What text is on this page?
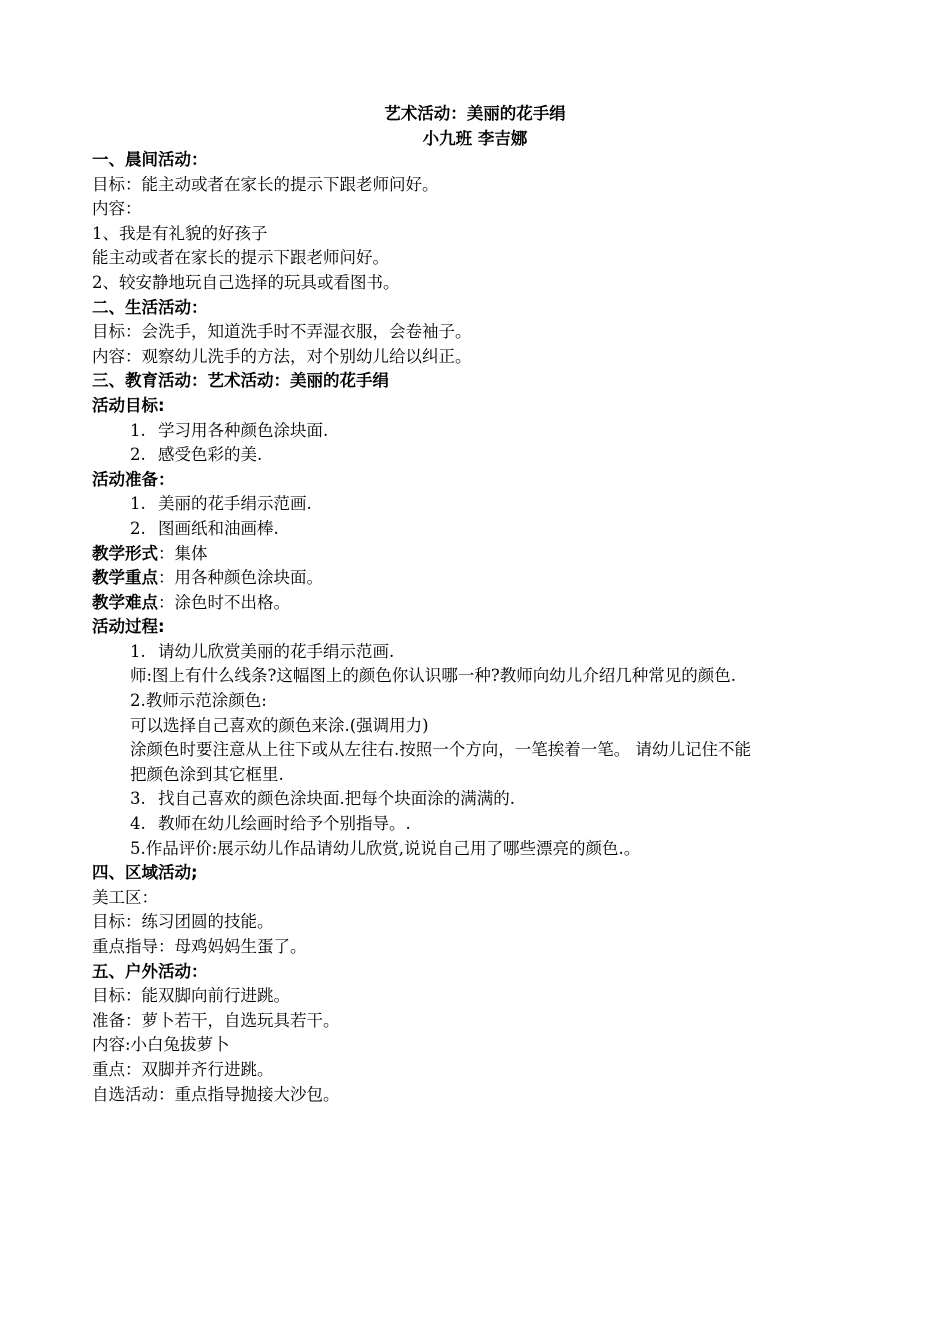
艺术活动：美丽的花手绢
小九班 李吉娜
一、晨间活动：
目标：能主动或者在家长的提示下跟老师问好。
内容：
1、我是有礼貌的好孩子
能主动或者在家长的提示下跟老师问好。
2、较安静地玩自己选择的玩具或看图书。
二、生活活动：
目标：会洗手，知道洗手时不弄湿衣服，会卷袖子。
内容：观察幼儿洗手的方法，对个别幼儿给以纠正。
三、教育活动：艺术活动：美丽的花手绢
活动目标:
1. 学习用各种颜色涂块面.
2. 感受色彩的美.
活动准备：
1. 美丽的花手绢示范画.
2. 图画纸和油画棒.
教学形式：集体
教学重点：用各种颜色涂块面。
教学难点：涂色时不出格。
活动过程:
1. 请幼儿欣赏美丽的花手绢示范画.
师:图上有什么线条?这幅图上的颜色你认识哪一种?教师向幼儿介绍几种常见的颜色.
2.教师示范涂颜色:
可以选择自己喜欢的颜色来涂.(强调用力)
涂颜色时要注意从上往下或从左往右.按照一个方向，一笔挨着一笔。 请幼儿记住不能
把颜色涂到其它框里.
3. 找自己喜欢的颜色涂块面.把每个块面涂的满满的.
4. 教师在幼儿绘画时给予个别指导。.
5.作品评价:展示幼儿作品请幼儿欣赏,说说自己用了哪些漂亮的颜色.。
四、区域活动;
美工区：
目标：练习团圆的技能。
重点指导：母鸡妈妈生蛋了。
五、户外活动：
目标：能双脚向前行进跳。
准备：萝卜若干，自选玩具若干。
内容:小白兔拔萝卜
重点：双脚并齐行进跳。
自选活动：重点指导抛接大沙包。
